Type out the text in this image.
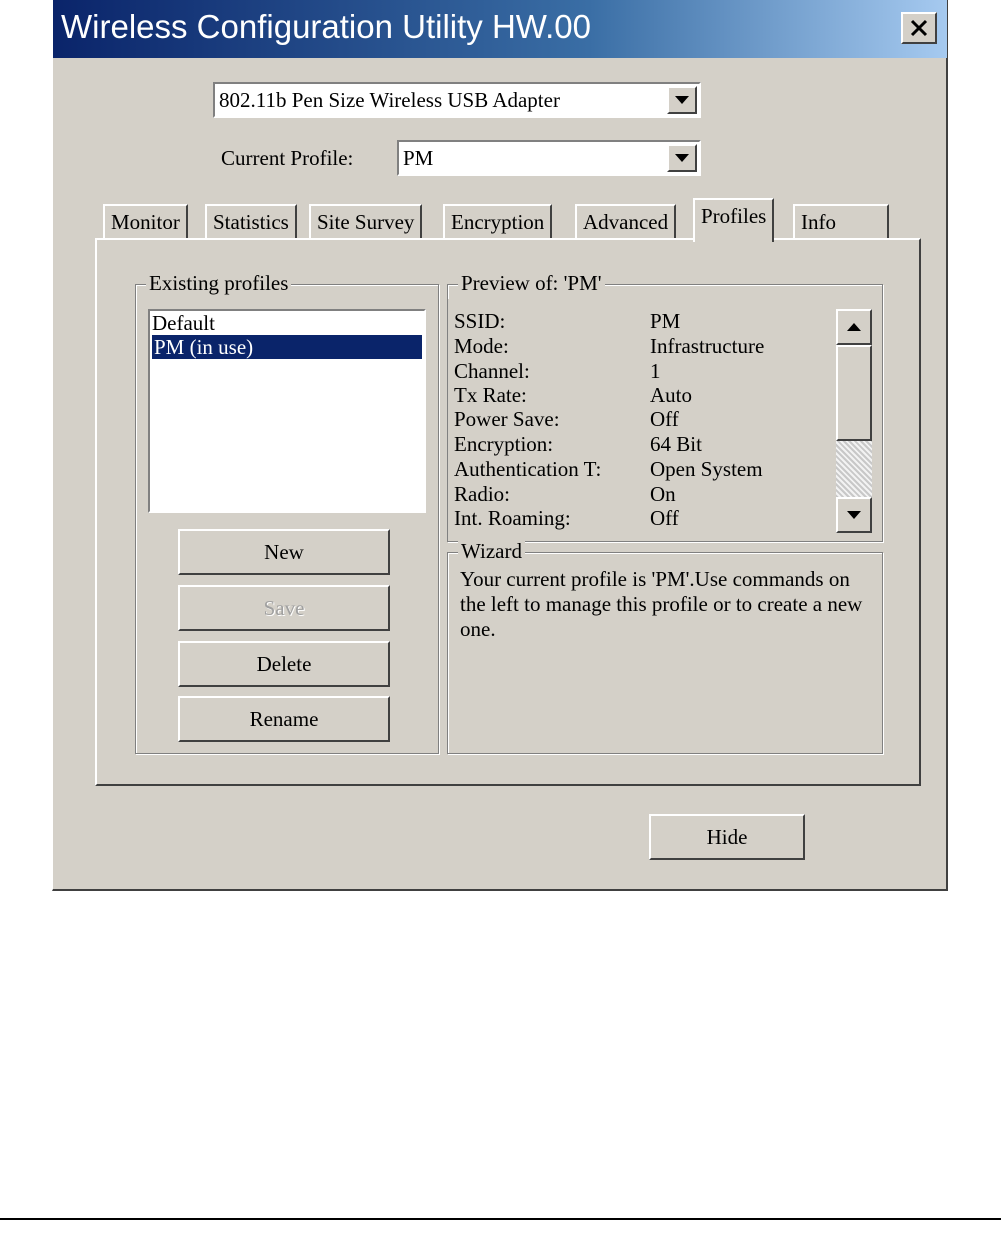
Wireless Configuration Utility HW.00
802.11b Pen Size Wireless USB Adapter
Current Profile: PM
Monitor	Statistics	Site Survey	Encryption	Advanced	Profiles	Info
Existing profiles
Default
PM (in use)
New
Save
Delete
Rename
Preview of: 'PM'
SSID:	PM
Mode:	Infrastructure
Channel:	1
Tx Rate:	Auto
Power Save:	Off
Encryption:	64 Bit
Authentication T: Open System
Radio:	On
Int. Roaming:	Off
Wizard
Your current profile is 'PM'.Use commands on the left to manage this profile or to create a new one.
Hide
